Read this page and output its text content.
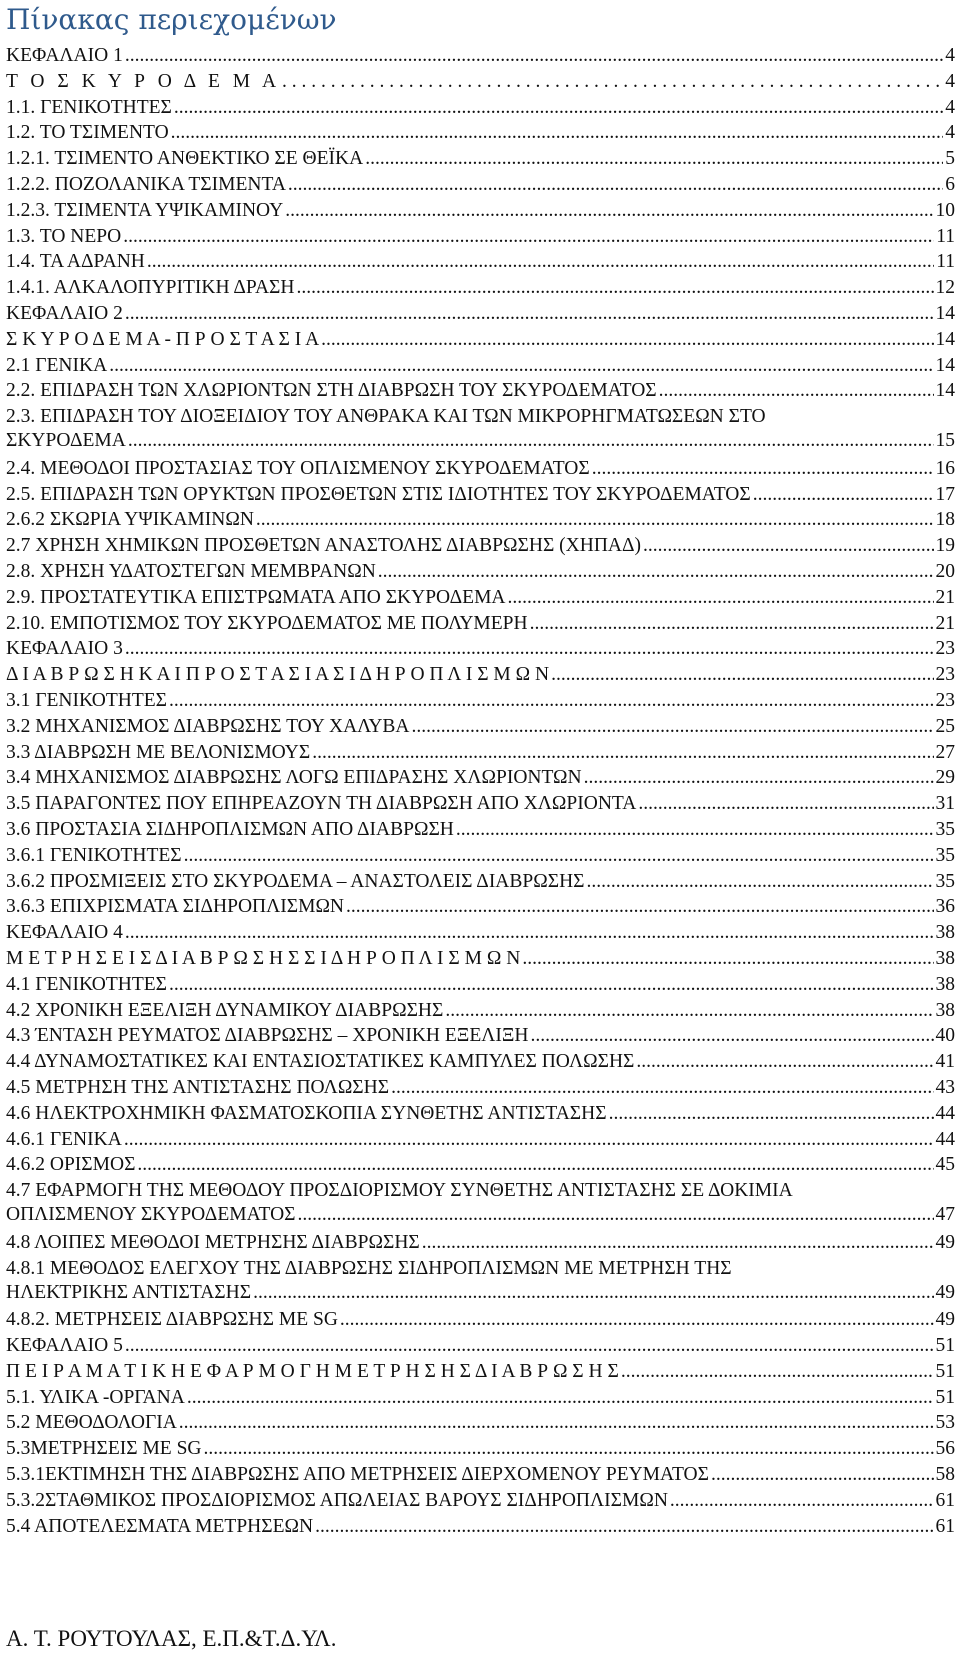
Πίνακας περιεχομένων
ΚΕΦΑΛΑΙΟ 1 .....	4
Τ Ο Σ Κ Υ Ρ Ο Δ Ε Μ Α . . .	4
1.1. ΓΕΝΙΚΟΤΗΤΕΣ .....	4
1.2. ΤΟ ΤΣΙΜΕΝΤΟ .....	4
1.2.1. ΤΣΙΜΕΝΤΟ ΑΝΘΕΚΤΙΚΟ ΣΕ ΘΕΪΚΑ .....	5
1.2.2. ΠΟΖΟΛΑΝΙΚΑ ΤΣΙΜΕΝΤΑ .....	6
1.2.3. ΤΣΙΜΕΝΤΑ ΥΨΙΚΑΜΙΝΟΥ .....	10
1.3. ΤΟ ΝΕΡΟ .....	11
1.4. ΤΑ ΑΔΡΑΝΗ .....	11
1.4.1. ΑΛΚΑΛΟΠΥΡΙΤΙΚΗ ΔΡΑΣΗ .....	12
ΚΕΦΑΛΑΙΟ 2 .....	14
Σ Κ Υ Ρ Ο Δ Ε Μ Α - Π Ρ Ο Σ Τ Α Σ Ι Α .....	14
2.1 ΓΕΝΙΚΑ .....	14
2.2. ΕΠΙΔΡΑΣΗ ΤΩΝ ΧΛΩΡΙΟΝΤΩΝ ΣΤΗ ΔΙΑΒΡΩΣΗ ΤΟΥ ΣΚΥΡΟΔΕΜΑΤΟΣ .....	14
2.3. ΕΠΙΔΡΑΣΗ ΤΟΥ ΔΙΟΞΕΙΔΙΟΥ ΤΟΥ ΑΝΘΡΑΚΑ ΚΑΙ ΤΩΝ ΜΙΚΡΟΡΗΓΜΑΤΩΣΕΩΝ ΣΤΟ
ΣΚΥΡΟΔΕΜΑ .....	15
2.4. ΜΕΘΟΔΟΙ ΠΡΟΣΤΑΣΙΑΣ ΤΟΥ ΟΠΛΙΣΜΕΝΟΥ ΣΚΥΡΟΔΕΜΑΤΟΣ .....	16
2.5. ΕΠΙΔΡΑΣΗ ΤΩΝ ΟΡΥΚΤΩΝ ΠΡΟΣΘΕΤΩΝ ΣΤΙΣ ΙΔΙΟΤΗΤΕΣ ΤΟΥ ΣΚΥΡΟΔΕΜΑΤΟΣ .....	17
2.6.2 ΣΚΩΡΙΑ ΥΨΙΚΑΜΙΝΩΝ .....	18
2.7 ΧΡΗΣΗ ΧΗΜΙΚΩΝ ΠΡΟΣΘΕΤΩΝ ΑΝΑΣΤΟΛΗΣ ΔΙΑΒΡΩΣΗΣ (ΧΗΠΑΔ) .....	19
2.8. ΧΡΗΣΗ ΥΔΑΤΟΣΤΕΓΩΝ ΜΕΜΒΡΑΝΩΝ .....	20
2.9. ΠΡΟΣΤΑΤΕΥΤΙΚΑ ΕΠΙΣΤΡΩΜΑΤΑ ΑΠΟ ΣΚΥΡΟΔΕΜΑ .....	21
2.10. ΕΜΠΟΤΙΣΜΟΣ ΤΟΥ ΣΚΥΡΟΔΕΜΑΤΟΣ ΜΕ ΠΟΛΥΜΕΡΗ .....	21
ΚΕΦΑΛΑΙΟ 3 .....	23
Δ Ι Α Β Ρ Ω Σ Η Κ Α Ι Π Ρ Ο Σ Τ Α Σ Ι Α Σ Ι Δ Η Ρ Ο Π Λ Ι Σ Μ Ω Ν .....	23
3.1 ΓΕΝΙΚΟΤΗΤΕΣ .....	23
3.2 ΜΗΧΑΝΙΣΜΟΣ ΔΙΑΒΡΩΣΗΣ ΤΟΥ ΧΑΛΥΒΑ .....	25
3.3 ΔΙΑΒΡΩΣΗ ΜΕ ΒΕΛΟΝΙΣΜΟΥΣ .....	27
3.4 ΜΗΧΑΝΙΣΜΟΣ ΔΙΑΒΡΩΣΗΣ ΛΟΓΩ ΕΠΙΔΡΑΣΗΣ ΧΛΩΡΙΟΝΤΩΝ .....	29
3.5 ΠΑΡΑΓΟΝΤΕΣ ΠΟΥ ΕΠΗΡΕΑΖΟΥΝ ΤΗ ΔΙΑΒΡΩΣΗ ΑΠΟ ΧΛΩΡΙΟΝΤΑ .....	31
3.6 ΠΡΟΣΤΑΣΙΑ ΣΙΔΗΡΟΠΛΙΣΜΩΝ ΑΠΟ ΔΙΑΒΡΩΣΗ .....	35
3.6.1 ΓΕΝΙΚΟΤΗΤΕΣ .....	35
3.6.2 ΠΡΟΣΜΙΞΕΙΣ ΣΤΟ ΣΚΥΡΟΔΕΜΑ – ΑΝΑΣΤΟΛΕΙΣ ΔΙΑΒΡΩΣΗΣ .....	35
3.6.3 ΕΠΙΧΡΙΣΜΑΤΑ ΣΙΔΗΡΟΠΛΙΣΜΩΝ .....	36
ΚΕΦΑΛΑΙΟ 4 .....	38
Μ Ε Τ Ρ Η Σ Ε Ι Σ Δ Ι Α Β Ρ Ω Σ Η Σ Σ Ι Δ Η Ρ Ο Π Λ Ι Σ Μ Ω Ν .....	38
4.1 ΓΕΝΙΚΟΤΗΤΕΣ .....	38
4.2 ΧΡΟΝΙΚΗ ΕΞΕΛΙΞΗ ΔΥΝΑΜΙΚΟΥ ΔΙΑΒΡΩΣΗΣ .....	38
4.3 ΈΝΤΑΣΗ ΡΕΥΜΑΤΟΣ ΔΙΑΒΡΩΣΗΣ – ΧΡΟΝΙΚΗ ΕΞΕΛΙΞΗ .....	40
4.4 ΔΥΝΑΜΟΣΤΑΤΙΚΕΣ ΚΑΙ ΕΝΤΑΣΙΟΣΤΑΤΙΚΕΣ ΚΑΜΠΥΛΕΣ ΠΟΛΩΣΗΣ .....	41
4.5 ΜΕΤΡΗΣΗ ΤΗΣ ΑΝΤΙΣΤΑΣΗΣ ΠΟΛΩΣΗΣ .....	43
4.6 ΗΛΕΚΤΡΟΧΗΜΙΚΗ ΦΑΣΜΑΤΟΣΚΟΠΙΑ ΣΥΝΘΕΤΗΣ ΑΝΤΙΣΤΑΣΗΣ .....	44
4.6.1 ΓΕΝΙΚΑ .....	44
4.6.2 ΟΡΙΣΜΟΣ .....	45
4.7 ΕΦΑΡΜΟΓΗ ΤΗΣ ΜΕΘΟΔΟΥ ΠΡΟΣΔΙΟΡΙΣΜΟΥ ΣΥΝΘΕΤΗΣ ΑΝΤΙΣΤΑΣΗΣ ΣΕ ΔΟΚΙΜΙΑ
ΟΠΛΙΣΜΕΝΟΥ ΣΚΥΡΟΔΕΜΑΤΟΣ .....	47
4.8 ΛΟΙΠΕΣ ΜΕΘΟΔΟΙ ΜΕΤΡΗΣΗΣ ΔΙΑΒΡΩΣΗΣ .....	49
4.8.1 ΜΕΘΟΔΟΣ ΕΛΕΓΧΟΥ ΤΗΣ ΔΙΑΒΡΩΣΗΣ ΣΙΔΗΡΟΠΛΙΣΜΩΝ ΜΕ ΜΕΤΡΗΣΗ ΤΗΣ
ΗΛΕΚΤΡΙΚΗΣ ΑΝΤΙΣΤΑΣΗΣ .....	49
4.8.2. ΜΕΤΡΗΣΕΙΣ ΔΙΑΒΡΩΣΗΣ ΜΕ SG .....	49
ΚΕΦΑΛΑΙΟ 5 .....	51
Π Ε Ι Ρ Α Μ Α Τ Ι Κ Η Ε Φ Α Ρ Μ Ο Γ Η Μ Ε Τ Ρ Η Σ Η Σ Δ Ι Α Β Ρ Ω Σ Η Σ .....	51
5.1. ΥΛΙΚΑ -ΟΡΓΑΝΑ .....	51
5.2 ΜΕΘΟΔΟΛΟΓΙΑ .....	53
5.3ΜΕΤΡΗΣΕΙΣ ΜΕ SG .....	56
5.3.1ΕΚΤΙΜΗΣΗ ΤΗΣ ΔΙΑΒΡΩΣΗΣ ΑΠΟ ΜΕΤΡΗΣΕΙΣ ΔΙΕΡΧΟΜΕΝΟΥ ΡΕΥΜΑΤΟΣ .....	58
5.3.2ΣΤΑΘΜΙΚΟΣ ΠΡΟΣΔΙΟΡΙΣΜΟΣ ΑΠΩΛΕΙΑΣ ΒΑΡΟΥΣ ΣΙΔΗΡΟΠΛΙΣΜΩΝ .....	61
5.4 ΑΠΟΤΕΛΕΣΜΑΤΑ ΜΕΤΡΗΣΕΩΝ .....	61

Α. Τ. ΡΟΥΤΟΥΛΑΣ, Ε.Π.&Τ.Δ.ΥΛ.
